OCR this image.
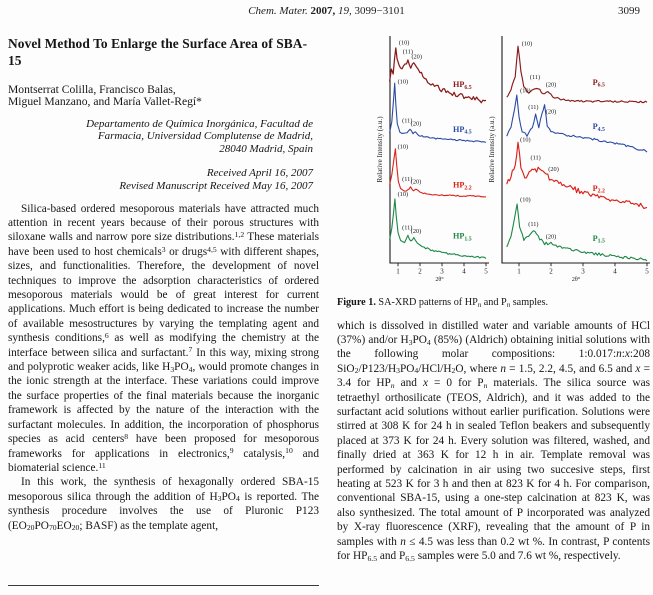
Chem. Mater. 2007, 19, 3099−3101	3099
Novel Method To Enlarge the Surface Area of SBA-15
Montserrat Colilla, Francisco Balas,
Miguel Manzano, and María Vallet-Regí*
Departamento de Química Inorgánica, Facultad de
Farmacia, Universidad Complutense de Madrid,
28040 Madrid, Spain
Received April 16, 2007
Revised Manuscript Received May 16, 2007

Silica-based ordered mesoporous materials have attracted much attention in recent years because of their porous structures with siloxane walls and narrow pore size distributions.$^{1,2}$ These materials have been used to host chemicals$^3$ or drugs$^{4,5}$ with different shapes, sizes, and functionalities. Therefore, the development of novel techniques to improve the adsorption characteristics of ordered mesoporous materials would be of great interest for current applications. Much effort is being dedicated to increase the number of available mesostructures by varying the templating agent and synthesis conditions,$^6$ as well as modifying the chemistry at the interface between silica and surfactant.$^7$ In this way, mixing strong and polyprotic weaker acids, like $H_3PO_4$, would promote changes in the ionic strength at the interface. These variations could improve the surface properties of the final materials because the inorganic framework is affected by the nature of the interaction with the surfactant molecules. In addition, the incorporation of phosphorus species as acid centers$^8$ have been proposed for mesoporous frameworks for applications in electronics,$^9$ catalysis,$^{10}$ and biomaterial science.$^{11}$

In this work, the synthesis of hexagonally ordered SBA-15 mesoporous silica through the addition of $H_3PO_4$ is reported. The synthesis procedure involves the use of Pluronic P123 ($EO_{20}PO_{70}EO_{20}$; BASF) as the template agent,

1	2	3	4	5
2θ°
Relative Intensity (a.u.)
(10)
(11)
(20)
$HP_{6.5}$
(10)
(11)
(20)
$HP_{4.5}$
(10)
(11)
(20)	$HP_{2.2}$
(10)
(11)
(20)	$HP_{1.5}$
1	2	3	4	5
2θ°
Relative Intensity (a.u.)
(10)
(11)
(20)	$P_{6.5}$
(10)
(11)
(20)
$P_{4.5}$
(10)
(11)
(20)
$P_{2.2}$
(10)
(11)
(20)	$P_{1.5}$
Figure 1. SA-XRD patterns of $HP_n$ and $P_n$ samples.

which is dissolved in distilled water and variable amounts of HCl (37%) and/or $H_3PO_4$ (85%) (Aldrich) obtaining initial solutions with the following molar compositions: 1:0.017:n:x:208 $SiO_2/P123/H_3PO_4/HCl/H_2O$, where n = 1.5, 2.2, 4.5, and 6.5 and x = 3.4 for $HP_n$ and x = 0 for $P_n$ materials. The silica source was tetraethyl orthosilicate (TEOS, Aldrich), and it was added to the surfactant acid solutions without earlier purification. Solutions were stirred at 308 K for 24 h in sealed Teflon beakers and subsequently placed at 373 K for 24 h. Every solution was filtered, washed, and finally dried at 363 K for 12 h in air. Template removal was performed by calcination in air using two succesive steps, first heating at 523 K for 3 h and then at 823 K for 4 h. For comparison, conventional SBA-15, using a one-step calcination at 823 K, was also synthesized. The total amount of P incorporated was analyzed by X-ray fluorescence (XRF), revealing that the amount of P in samples with n ≤ 4.5 was less than 0.2 wt %. In contrast, P contents for $HP_{6.5}$ and $P_{6.5}$ samples were 5.0 and 7.6 wt %, respectively.
